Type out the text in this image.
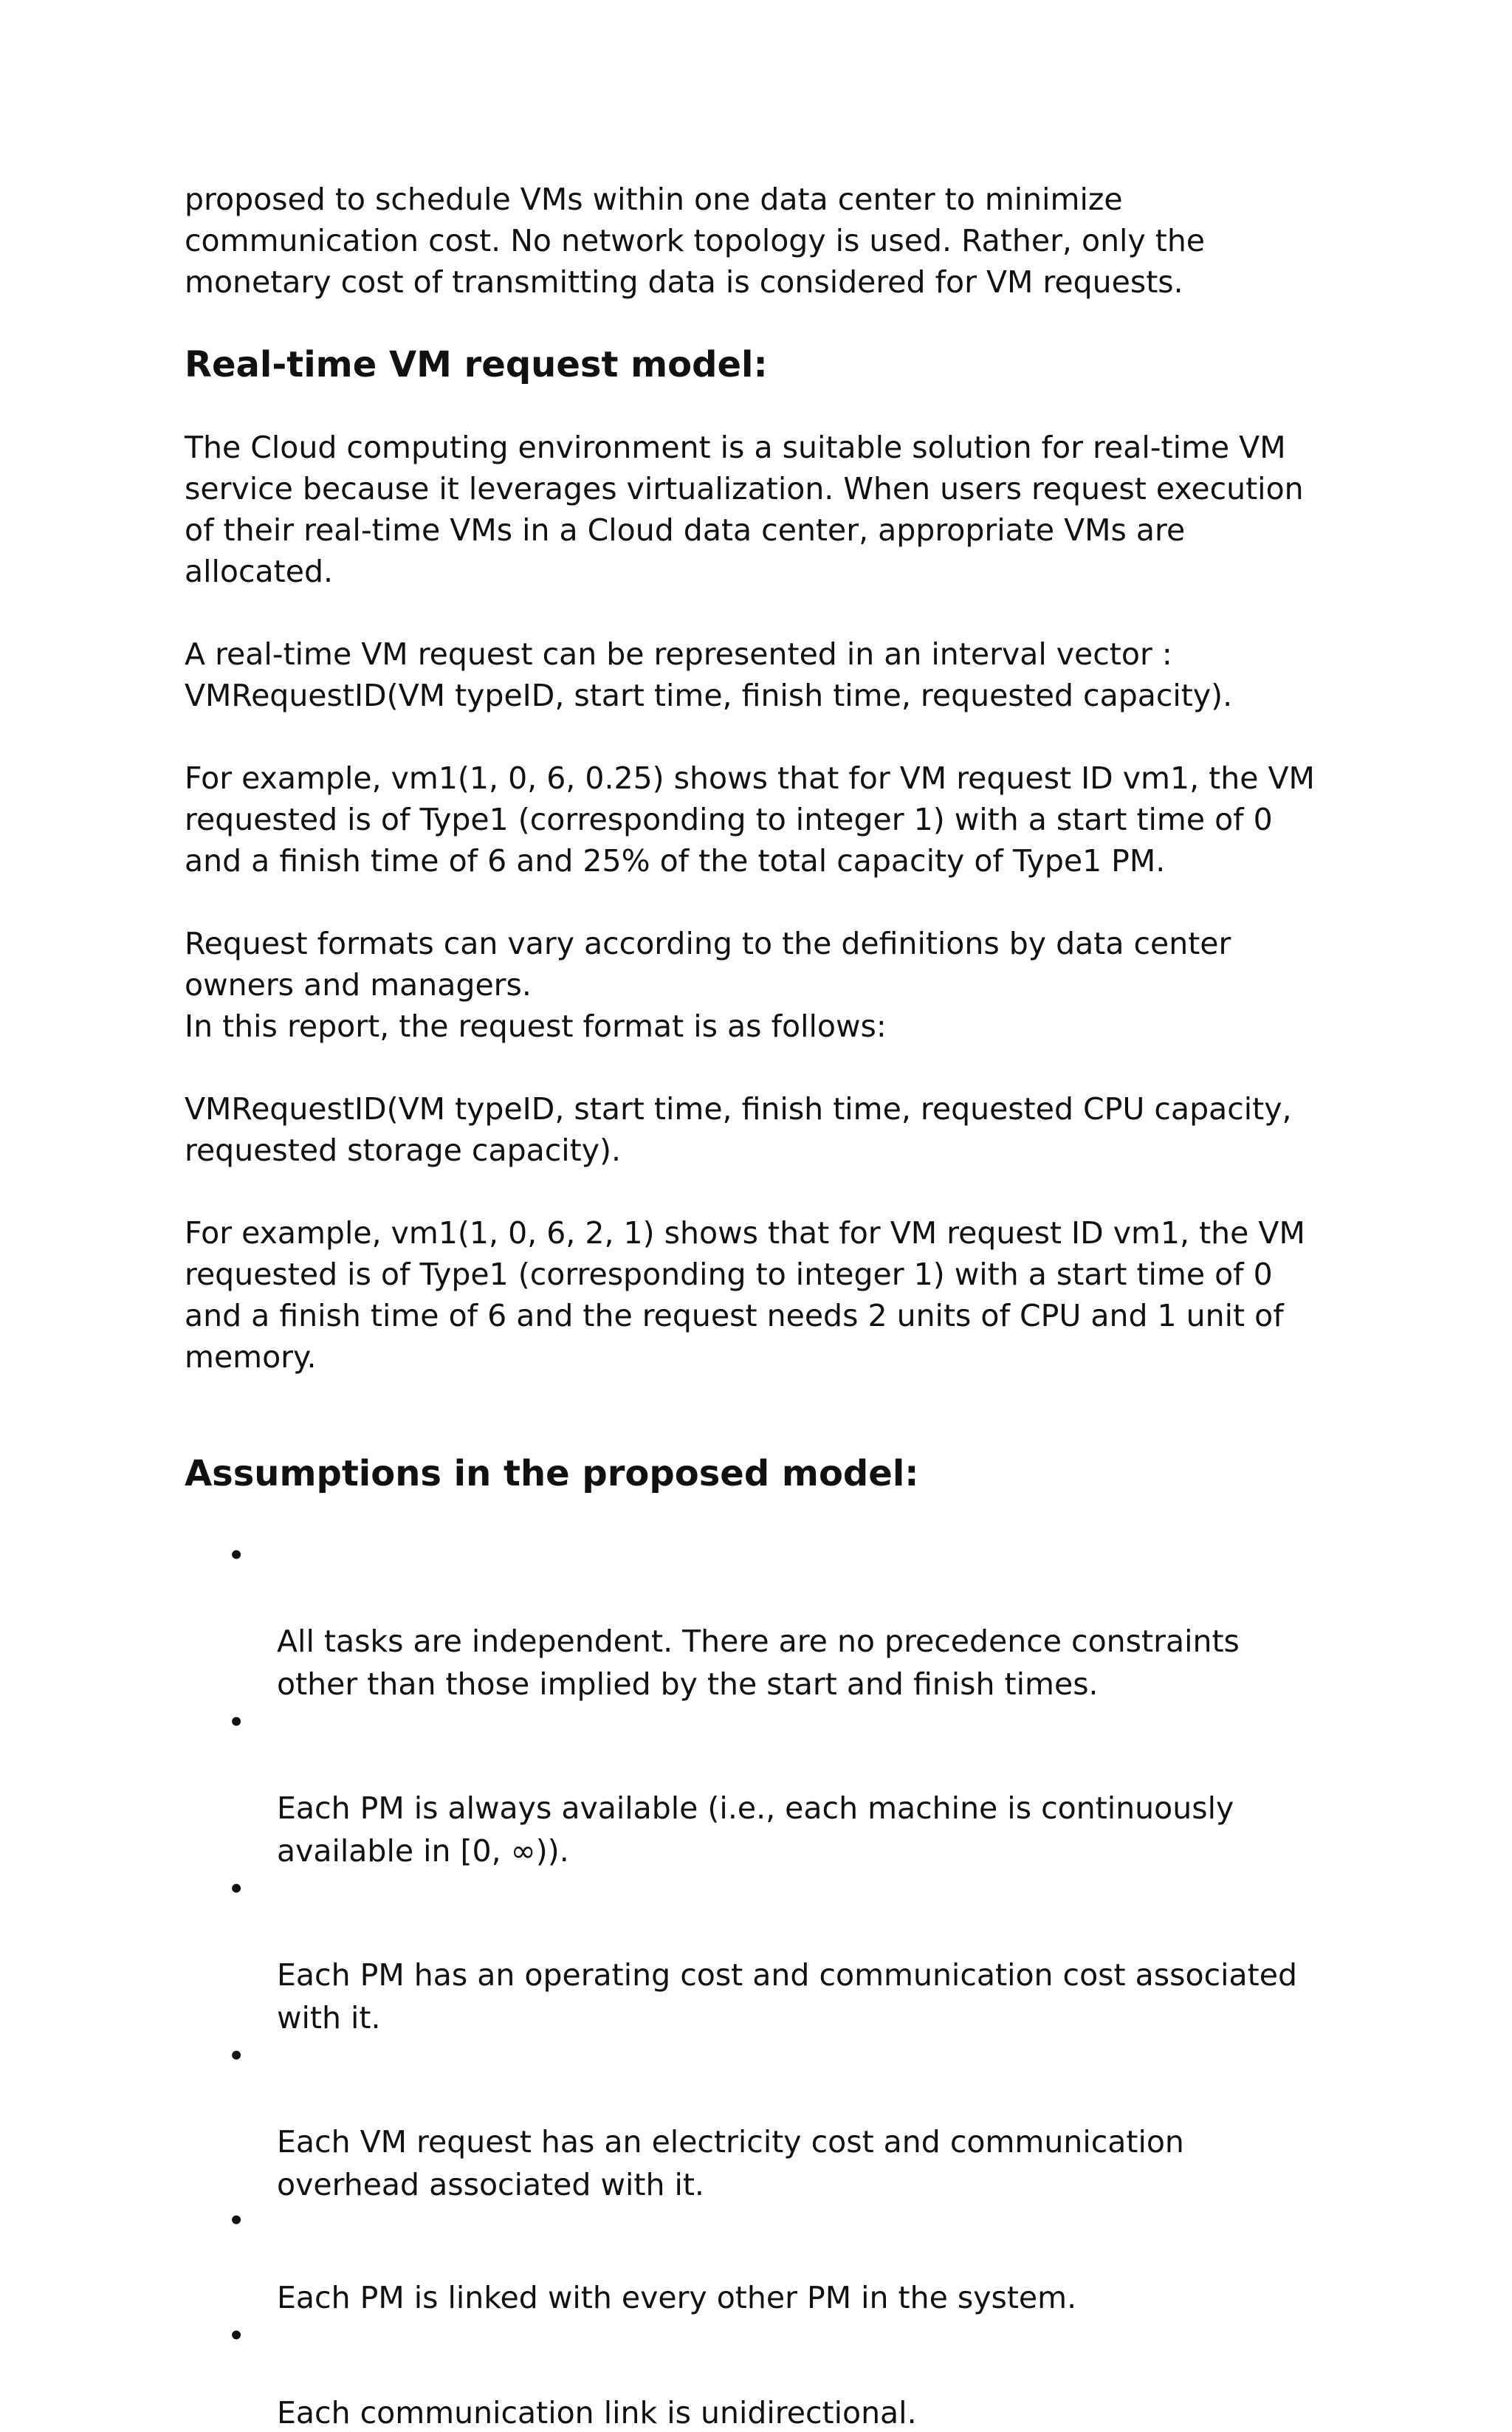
proposed to schedule VMs within one data center to minimize
communication cost. No network topology is used. Rather, only the
monetary cost of transmitting data is considered for VM requests.

Real-time VM request model:

The Cloud computing environment is a suitable solution for real-time VM
service because it leverages virtualization. When users request execution
of their real-time VMs in a Cloud data center, appropriate VMs are
allocated.

A real-time VM request can be represented in an interval vector :
VMRequestID(VM typeID, start time, finish time, requested capacity).

For example, vm1(1, 0, 6, 0.25) shows that for VM request ID vm1, the VM
requested is of Type1 (corresponding to integer 1) with a start time of 0
and a finish time of 6 and 25% of the total capacity of Type1 PM.

Request formats can vary according to the definitions by data center
owners and managers.
In this report, the request format is as follows:

VMRequestID(VM typeID, start time, finish time, requested CPU capacity,
requested storage capacity).

For example, vm1(1, 0, 6, 2, 1) shows that for VM request ID vm1, the VM
requested is of Type1 (corresponding to integer 1) with a start time of 0
and a finish time of 6 and the request needs 2 units of CPU and 1 unit of
memory.

Assumptions in the proposed model:

•

All tasks are independent. There are no precedence constraints
other than those implied by the start and finish times.

•

Each PM is always available (i.e., each machine is continuously
available in [0, ∞)).

•

Each PM has an operating cost and communication cost associated
with it.

•

Each VM request has an electricity cost and communication
overhead associated with it.

•

Each PM is linked with every other PM in the system.

•

Each communication link is unidirectional.
